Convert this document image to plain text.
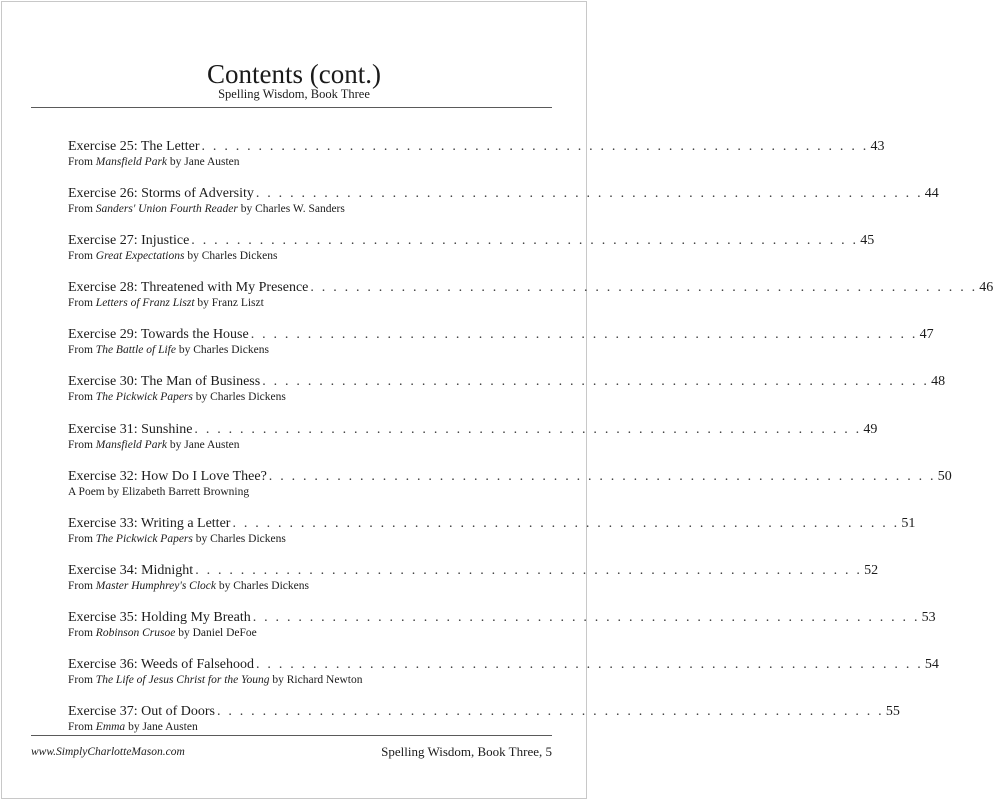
Contents (cont.)
Spelling Wisdom, Book Three
Exercise 25: The Letter . . . . . . . . . . . . . . . . . . . . . . . . . . . . . . . . . . . . . . . . . . . . . . . . . . . . . . . . . . . 43
From Mansfield Park by Jane Austen
Exercise 26: Storms of Adversity . . . . . . . . . . . . . . . . . . . . . . . . . . . . . . . . . . . . . . . . . . . . . . . . . . . . . . . . . . . 44
From Sanders' Union Fourth Reader by Charles W. Sanders
Exercise 27: Injustice . . . . . . . . . . . . . . . . . . . . . . . . . . . . . . . . . . . . . . . . . . . . . . . . . . . . . . . . . . . 45
From Great Expectations by Charles Dickens
Exercise 28: Threatened with My Presence . . . . . . . . . . . . . . . . . . . . . . . . . . . . . . . . . . . . . . . . . . . . . . . . . . . . . . . . . . . 46
From Letters of Franz Liszt by Franz Liszt
Exercise 29: Towards the House . . . . . . . . . . . . . . . . . . . . . . . . . . . . . . . . . . . . . . . . . . . . . . . . . . . . . . . . . . . 47
From The Battle of Life by Charles Dickens
Exercise 30: The Man of Business . . . . . . . . . . . . . . . . . . . . . . . . . . . . . . . . . . . . . . . . . . . . . . . . . . . . . . . . . . . 48
From The Pickwick Papers by Charles Dickens
Exercise 31: Sunshine . . . . . . . . . . . . . . . . . . . . . . . . . . . . . . . . . . . . . . . . . . . . . . . . . . . . . . . . . . . 49
From Mansfield Park by Jane Austen
Exercise 32: How Do I Love Thee? . . . . . . . . . . . . . . . . . . . . . . . . . . . . . . . . . . . . . . . . . . . . . . . . . . . . . . . . . . . 50
A Poem by Elizabeth Barrett Browning
Exercise 33: Writing a Letter . . . . . . . . . . . . . . . . . . . . . . . . . . . . . . . . . . . . . . . . . . . . . . . . . . . . . . . . . . . 51
From The Pickwick Papers by Charles Dickens
Exercise 34: Midnight . . . . . . . . . . . . . . . . . . . . . . . . . . . . . . . . . . . . . . . . . . . . . . . . . . . . . . . . . . . 52
From Master Humphrey's Clock by Charles Dickens
Exercise 35: Holding My Breath . . . . . . . . . . . . . . . . . . . . . . . . . . . . . . . . . . . . . . . . . . . . . . . . . . . . . . . . . . . 53
From Robinson Crusoe by Daniel DeFoe
Exercise 36: Weeds of Falsehood . . . . . . . . . . . . . . . . . . . . . . . . . . . . . . . . . . . . . . . . . . . . . . . . . . . . . . . . . . . 54
From The Life of Jesus Christ for the Young by Richard Newton
Exercise 37: Out of Doors . . . . . . . . . . . . . . . . . . . . . . . . . . . . . . . . . . . . . . . . . . . . . . . . . . . . . . . . . . . 55
From Emma by Jane Austen
www.SimplyCharlotteMason.com	Spelling Wisdom, Book Three, 5
